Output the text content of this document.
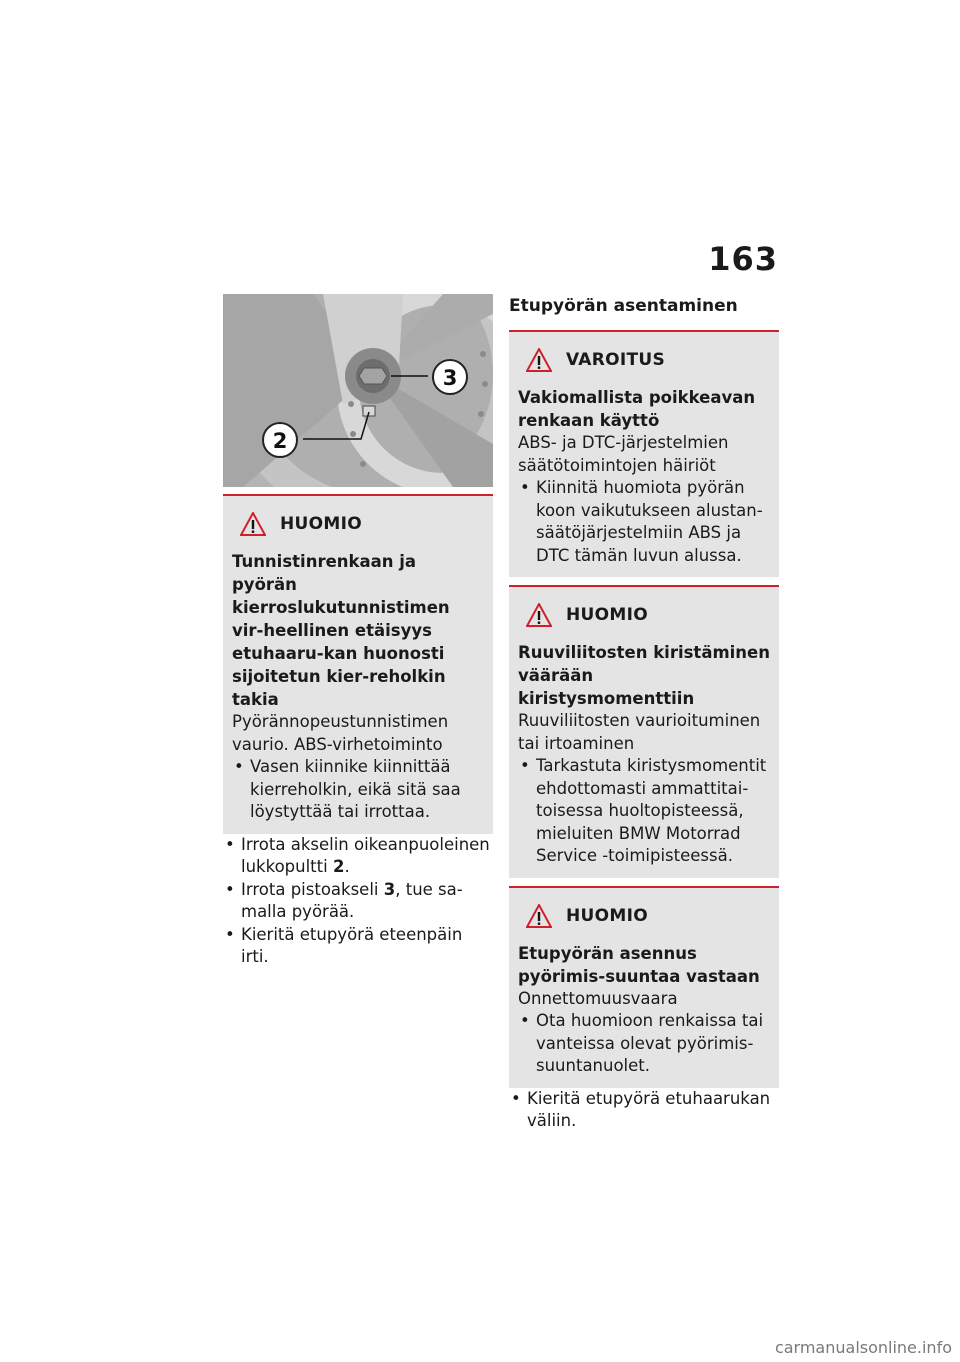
163
3
2
HUOMIO

Tunnistinrenkaan ja pyörän kierroslukutunnistimen vir-heellinen etäisyys etuhaaru-kan huonosti sijoitetun kier-reholkin takia

Pyörännopeustunnistimen vaurio. ABS-virhetoiminto

• Vasen kiinnike kiinnittää kierreholkin, eikä sitä saa löystyttää tai irrottaa.
• Irrota akselin oikeanpuoleinen lukkopultti 2.
• Irrota pistoakseli 3, tue sa-malla pyörää.
• Kieritä etupyörä eteenpäin irti.
Etupyörän asentaminen
VAROITUS

Vakiomallista poikkeavan renkaan käyttö

ABS- ja DTC-järjestelmien säätötoimintojen häiriöt

• Kiinnitä huomiota pyörän koon vaikutukseen alustan-säätöjärjestelmiin ABS ja DTC tämän luvun alussa.
HUOMIO

Ruuviliitosten kiristäminen väärään kiristysmomenttiin

Ruuviliitosten vaurioituminen tai irtoaminen

• Tarkastuta kiristysmomentit ehdottomasti ammattitai-toisessa huoltopisteessä, mieluiten BMW Motorrad Service -toimipisteessä.
HUOMIO

Etupyörän asennus pyörimis-suuntaa vastaan

Onnettomuusvaara

• Ota huomioon renkaissa tai vanteissa olevat pyörimis-suuntanuolet.
• Kieritä etupyörä etuhaarukan väliin.
carmanualsonline.info
